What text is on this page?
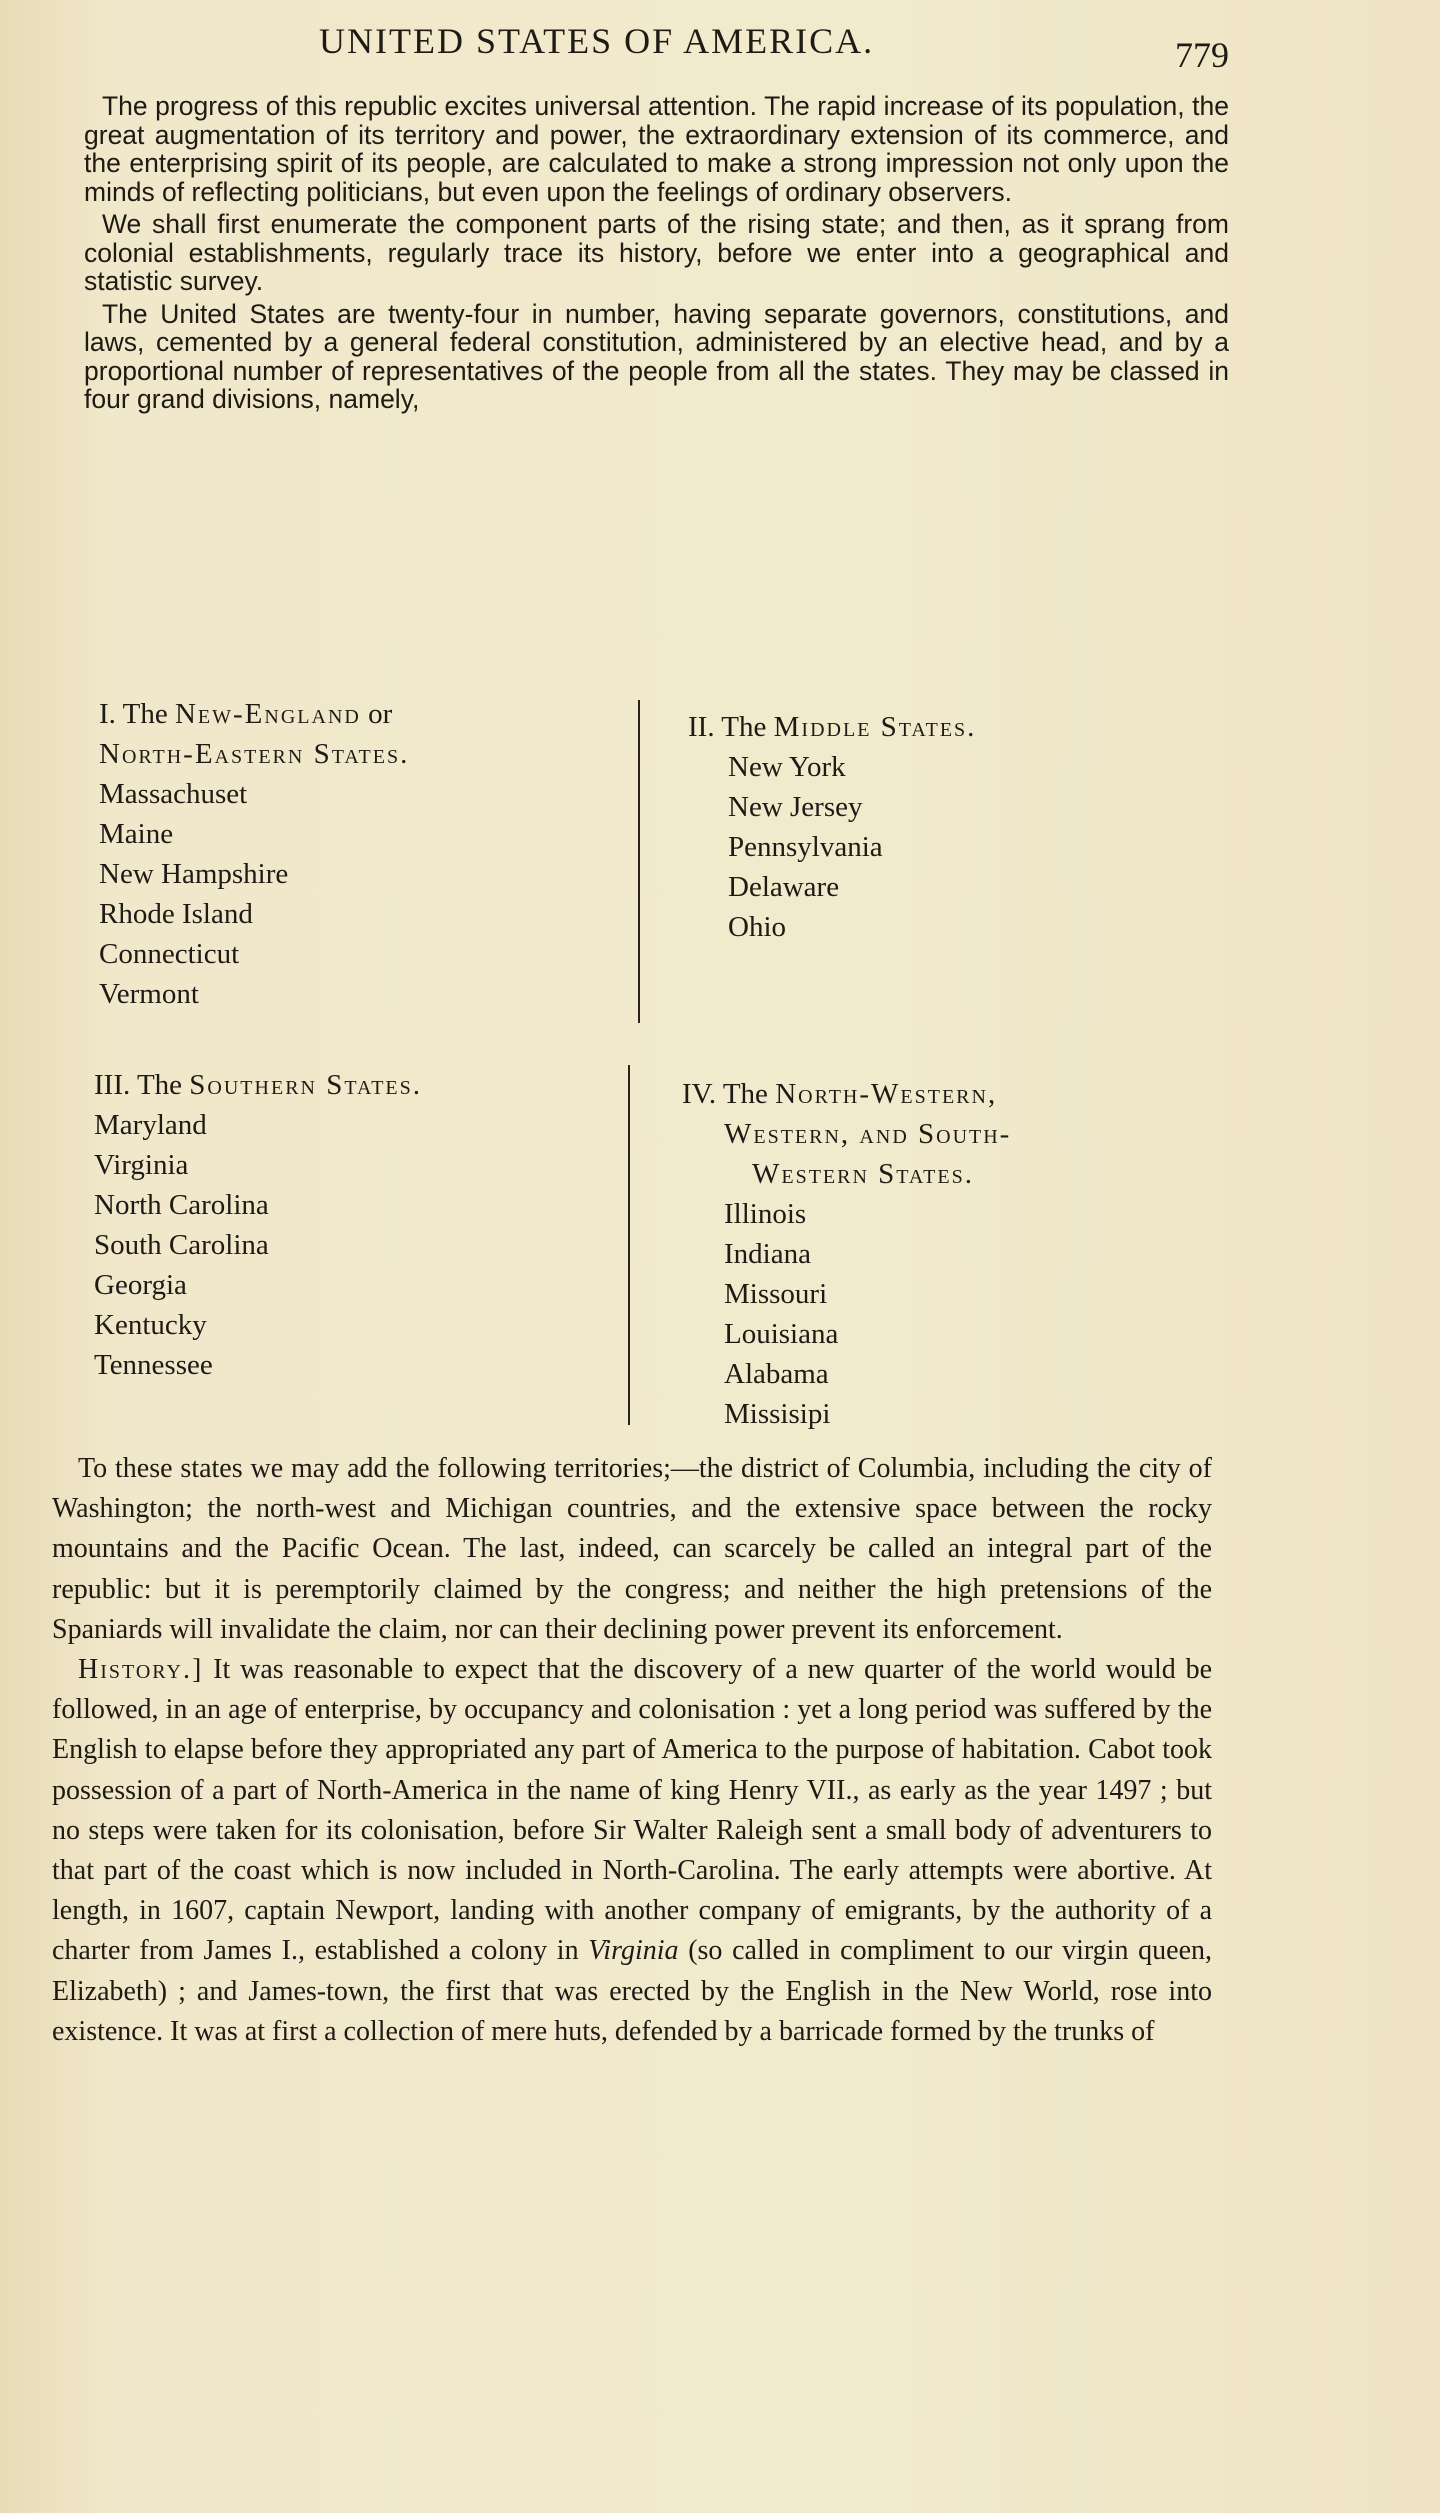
UNITED STATES OF AMERICA.	779

The progress of this republic excites universal attention. The rapid increase of its population, the great augmentation of its territory and power, the extraordinary extension of its commerce, and the enterprising spirit of its people, are calculated to make a strong impression not only upon the minds of reflecting politicians, but even upon the feelings of ordinary observers.

We shall first enumerate the component parts of the rising state; and then, as it sprang from colonial establishments, regularly trace its history, before we enter into a geographical and statistic survey.

The United States are twenty-four in number, having separate governors, constitutions, and laws, cemented by a general federal constitution, administered by an elective head, and by a proportional number of representatives of the people from all the states. They may be classed in four grand divisions, namely,

I. The New-England or
North-Eastern States.
Massachuset
Maine
New Hampshire
Rhode Island
Connecticut
Vermont
II. The Middle States.
New York
New Jersey
Pennsylvania
Delaware
Ohio
III. The Southern States.
Maryland
Virginia
North Carolina
South Carolina
Georgia
Kentucky
Tennessee
IV. The North-Western,
Western, and South-
Western States.
Illinois
Indiana
Missouri
Louisiana
Alabama
Missisipi

To these states we may add the following territories;—the district of Columbia, including the city of Washington; the north-west and Michigan countries, and the extensive space between the rocky mountains and the Pacific Ocean. The last, indeed, can scarcely be called an integral part of the republic: but it is peremptorily claimed by the congress; and neither the high pretensions of the Spaniards will invalidate the claim, nor can their declining power prevent its enforcement.

History.] It was reasonable to expect that the discovery of a new quarter of the world would be followed, in an age of enterprise, by occupancy and colonisation : yet a long period was suffered by the English to elapse before they appropriated any part of America to the purpose of habitation. Cabot took possession of a part of North-America in the name of king Henry VII., as early as the year 1497 ; but no steps were taken for its colonisation, before Sir Walter Raleigh sent a small body of adventurers to that part of the coast which is now included in North-Carolina. The early attempts were abortive. At length, in 1607, captain Newport, landing with another company of emigrants, by the authority of a charter from James I., established a colony in Virginia (so called in compliment to our virgin queen, Elizabeth) ; and James-town, the first that was erected by the English in the New World, rose into existence. It was at first a collection of mere huts, defended by a barricade formed by the trunks of
